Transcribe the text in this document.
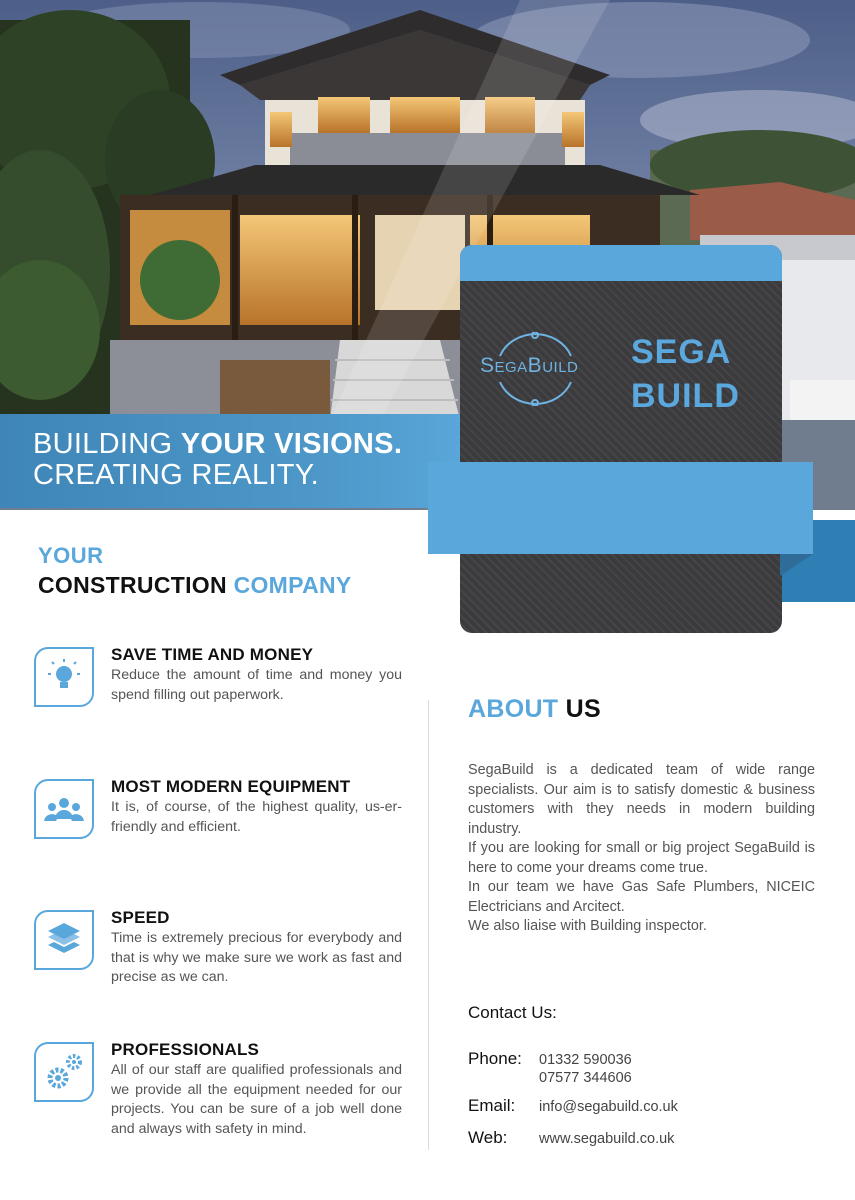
BUILDING YOUR VISIONS.
CREATING REALITY.
SegaBuild SEGA
BUILD
YOUR
CONSTRUCTION COMPANY
SAVE TIME AND MONEY
Reduce the amount of time and money you spend filling out paperwork.
MOST MODERN EQUIPMENT
It is, of course, of the highest quality, us-er-friendly and efficient.
SPEED
Time is extremely precious for everybody and that is why we make sure we work as fast and precise as we can.
PROFESSIONALS
All of our staff are qualified professionals and we provide all the equipment needed for our projects. You can be sure of a job well done and always with safety in mind.
ABOUT US

SegaBuild is a dedicated team of wide range specialists. Our aim is to satisfy domestic & business customers with they needs in modern building industry.

If you are looking for small or big project SegaBuild is here to come your dreams come true.

In our team we have Gas Safe Plumbers, NICEIC Electricians and Arcitect.

We also liaise with Building inspector.

Contact Us:
Phone: 01332 590036
07577 344606
Email: info@segabuild.co.uk
Web: www.segabuild.co.uk
